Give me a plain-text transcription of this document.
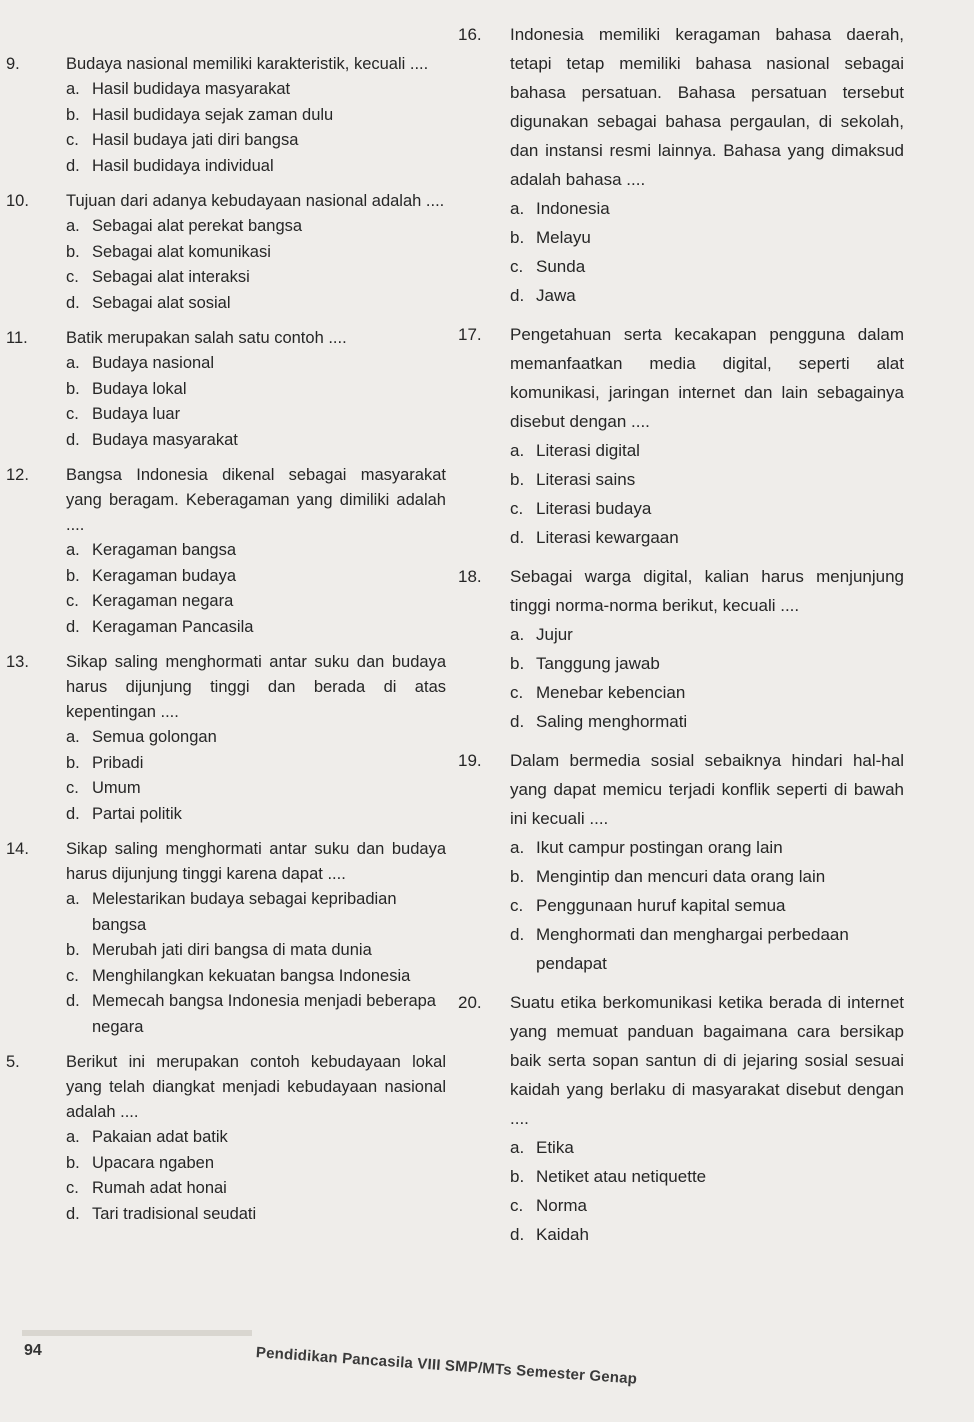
9.	Budaya nasional memiliki karakteristik, kecuali ....
a. Hasil budidaya masyarakat
b. Hasil budidaya sejak zaman dulu
c. Hasil budaya jati diri bangsa
d. Hasil budidaya individual
10.	Tujuan dari adanya kebudayaan nasional adalah ....
a. Sebagai alat perekat bangsa
b. Sebagai alat komunikasi
c. Sebagai alat interaksi
d. Sebagai alat sosial
11.	Batik merupakan salah satu contoh ....
a. Budaya nasional
b. Budaya lokal
c. Budaya luar
d. Budaya masyarakat
12.	Bangsa Indonesia dikenal sebagai masyarakat yang beragam. Keberagaman yang dimiliki adalah ....
a. Keragaman bangsa
b. Keragaman budaya
c. Keragaman negara
d. Keragaman Pancasila
13.	Sikap saling menghormati antar suku dan budaya harus dijunjung tinggi dan berada di atas kepentingan ....
a. Semua golongan
b. Pribadi
c. Umum
d. Partai politik
14.	Sikap saling menghormati antar suku dan budaya harus dijunjung tinggi karena dapat ....
a. Melestarikan budaya sebagai kepribadian bangsa
b. Merubah jati diri bangsa di mata dunia
c. Menghilangkan kekuatan bangsa Indonesia
d. Memecah bangsa Indonesia menjadi beberapa negara
5.	Berikut ini merupakan contoh kebudayaan lokal yang telah diangkat menjadi kebudayaan nasional adalah ....
a. Pakaian adat batik
b. Upacara ngaben
c. Rumah adat honai
d. Tari tradisional seudati
16.	Indonesia memiliki keragaman bahasa daerah, tetapi tetap memiliki bahasa nasional sebagai bahasa persatuan. Bahasa persatuan tersebut digunakan sebagai bahasa pergaulan, di sekolah, dan instansi resmi lainnya. Bahasa yang dimaksud adalah bahasa ....
a. Indonesia
b. Melayu
c. Sunda
d. Jawa
17.	Pengetahuan serta kecakapan pengguna dalam memanfaatkan media digital, seperti alat komunikasi, jaringan internet dan lain sebagainya disebut dengan ....
a. Literasi digital
b. Literasi sains
c. Literasi budaya
d. Literasi kewargaan
18.	Sebagai warga digital, kalian harus menjunjung tinggi norma-norma berikut, kecuali ....
a. Jujur
b. Tanggung jawab
c. Menebar kebencian
d. Saling menghormati
19.	Dalam bermedia sosial sebaiknya hindari hal-hal yang dapat memicu terjadi konflik seperti di bawah ini kecuali ....
a. Ikut campur postingan orang lain
b. Mengintip dan mencuri data orang lain
c. Penggunaan huruf kapital semua
d. Menghormati dan menghargai perbedaan pendapat
20.	Suatu etika berkomunikasi ketika berada di internet yang memuat panduan bagaimana cara bersikap baik serta sopan santun di di jejaring sosial sesuai kaidah yang berlaku di masyarakat disebut dengan ....
a. Etika
b. Netiket atau netiquette
c. Norma
d. Kaidah
94	Pendidikan Pancasila VIII SMP/MTs Semester Genap
